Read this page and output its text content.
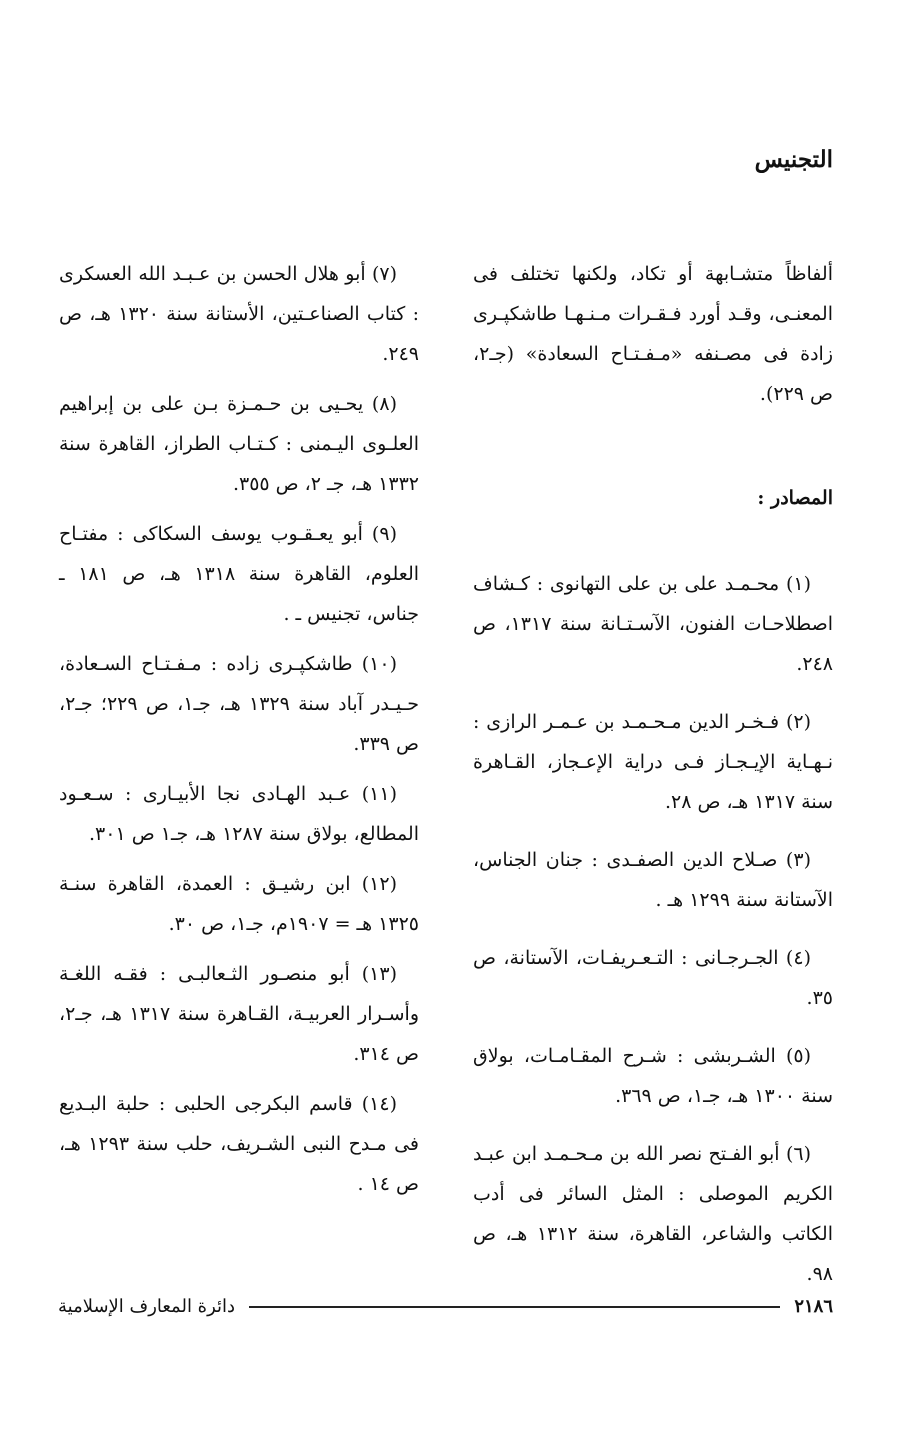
التجنيس

ألفاظاً متشـابهة أو تكاد، ولكنها تختلف فى المعنـى، وقـد أورد فـقـرات مـنـهـا طاشكپـرى زادة فى مصـنفه «مـفـتـاح السعادة» (جـ٢، ص ٢٢٩).

المصادر :

(١) محـمـد على بن على التهانوى : كـشاف اصطلاحـات الفنون، الآسـتـانة سنة ١٣١٧، ص ٢٤٨.

(٢) فـخـر الدين مـحـمـد بن عـمـر الرازى : نـهـاية الإيـجـاز فـى دراية الإعـجاز، القـاهرة سنة ١٣١٧ هـ، ص ٢٨.

(٣) صـلاح الدين الصفـدى : جنان الجناس، الآستانة سنة ١٢٩٩ هـ .

(٤) الجـرجـانى : التـعـريفـات، الآستانة، ص ٣٥.

(٥) الشـربشى : شـرح المقـامـات، بولاق سنة ١٣٠٠ هـ، جـ١، ص ٣٦٩.

(٦) أبو الفـتح نصر الله بن مـحـمـد ابن عبـد الكريم الموصلى : المثل السائر فى أدب الكاتب والشاعر، القاهرة، سنة ١٣١٢ هـ، ص ٩٨.

(٧) أبو هلال الحسن بن عـبـد الله العسكرى : كتاب الصناعـتين، الأستانة سنة ١٣٢٠ هـ، ص ٢٤٩.

(٨) يحـيى بن حـمـزة بـن على بن إبراهيم العلـوى اليـمنى : كـتـاب الطراز، القاهرة سنة ١٣٣٢ هـ، جـ ٢، ص ٣٥٥.

(٩) أبو يعـقـوب يوسف السكاكى : مفتـاح العلوم، القاهرة سنة ١٣١٨ هـ، ص ١٨١ ـ جناس، تجنيس ـ .

(١٠) طاشكپـرى زاده : مـفـتـاح السـعادة، حـيـدر آباد سنة ١٣٢٩ هـ، جـ١، ص ٢٢٩؛ جـ٢، ص ٣٣٩.

(١١) عـبد الهـادى نجا الأبيـارى : سـعـود المطالع، بولاق سنة ١٢٨٧ هـ، جـ١ ص ٣٠١.

(١٢) ابن رشيـق : العمدة، القاهرة سنـة ١٣٢٥ هـ = ١٩٠٧م، جـ١، ص ٣٠.

(١٣) أبو منصـور الثـعالبـى : فقـه اللغـة وأسـرار العربيـة، القـاهرة سنة ١٣١٧ هـ، جـ٢، ص ٣١٤.

(١٤) قاسم البكرجى الحلبى : حلبة البـديع فى مـدح النبى الشـريف، حلب سنة ١٢٩٣ هـ، ص ١٤ .

٢١٨٦
دائرة المعارف الإسلامية
